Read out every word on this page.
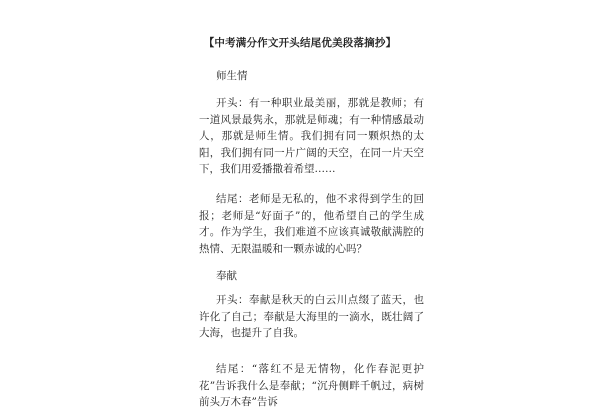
【中考满分作文开头结尾优美段落摘抄】
师生情

开头：有一种职业最美丽，那就是教师；有一道风景最隽永，那就是师魂；有一种情感最动人，那就是师生情。我们拥有同一颗炽热的太阳，我们拥有同一片广阔的天空，在同一片天空下，我们用爱播撒着希望……

结尾：老师是无私的，他不求得到学生的回报；老师是“好面子”的，他希望自己的学生成才。作为学生，我们难道不应该真诚敬献满腔的热情、无限温暖和一颗赤诚的心吗？

奉献

开头：奉献是秋天的白云川点缀了蓝天，也许化了自己；奉献是大海里的一滴水，既壮阔了大海，也提升了自我。

结尾：“落红不是无情物，化作春泥更护花”告诉我什么是奉献；“沉舟侧畔千帆过，病树前头万木春”告诉
